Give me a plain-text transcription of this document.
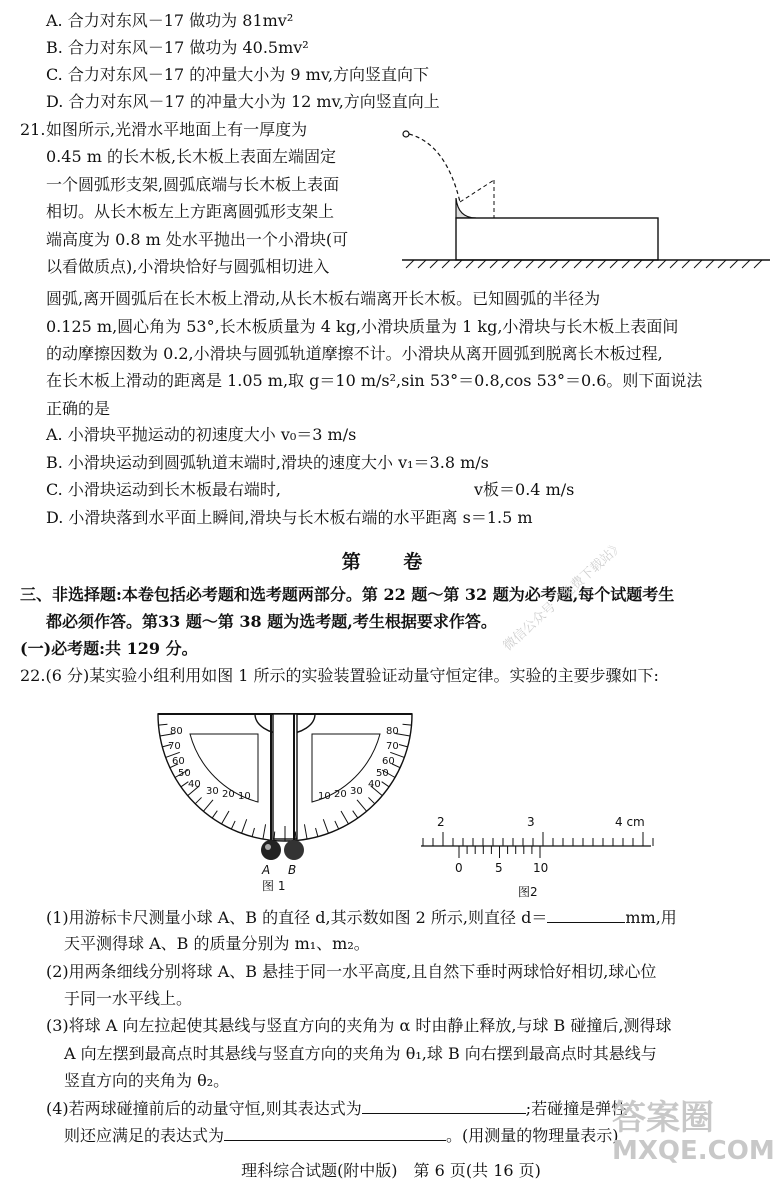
A. 合力对东风－17 做功为 81mv²
B. 合力对东风－17 做功为 40.5mv²
C. 合力对东风－17 的冲量大小为 9 mv,方向竖直向下
D. 合力对东风－17 的冲量大小为 12 mv,方向竖直向上
21. 如图所示,光滑水平地面上有一厚度为
0.45 m 的长木板,长木板上表面左端固定
一个圆弧形支架,圆弧底端与长木板上表面
相切。从长木板左上方距离圆弧形支架上
端高度为 0.8 m 处水平抛出一个小滑块(可
以看做质点),小滑块恰好与圆弧相切进入
圆弧,离开圆弧后在长木板上滑动,从长木板右端离开长木板。已知圆弧的半径为
0.125 m,圆心角为 53°,长木板质量为 4 kg,小滑块质量为 1 kg,小滑块与长木板上表面间
的动摩擦因数为 0.2,小滑块与圆弧轨道摩擦不计。小滑块从离开圆弧到脱离长木板过程,
在长木板上滑动的距离是 1.05 m,取 g＝10 m/s²,sin 53°＝0.8,cos 53°＝0.6。则下面说法
正确的是
A. 小滑块平抛运动的初速度大小 v₀＝3 m/s
B. 小滑块运动到圆弧轨道末端时,滑块的速度大小 v₁＝3.8 m/s
C. 小滑块运动到长木板最右端时,	v板＝0.4 m/s
D. 小滑块落到水平面上瞬间,滑块与长木板右端的水平距离 s＝1.5 m
第 卷
三、非选择题:本卷包括必考题和选考题两部分。第 22 题～第 32 题为必考题,每个试题考生
都必须作答。第33 题～第 38 题为选考题,考生根据要求作答。
(一)必考题:共 129 分。
22.(6 分)某实验小组利用如图 1 所示的实验装置验证动量守恒定律。实验的主要步骤如下:
80
70
60
50
40
30 20 10	10 20 30
40
50
60
70
80
A B
图 1
2	3	4 cm
0	5	10
图2
(1)用游标卡尺测量小球 A、B 的直径 d,其示数如图 2 所示,则直径 d＝	mm,用
天平测得球 A、B 的质量分别为 m₁、m₂。
(2)用两条细线分别将球 A、B 悬挂于同一水平高度,且自然下垂时两球恰好相切,球心位
于同一水平线上。
(3)将球 A 向左拉起使其悬线与竖直方向的夹角为 α 时由静止释放,与球 B 碰撞后,测得球
A 向左摆到最高点时其悬线与竖直方向的夹角为 θ₁,球 B 向右摆到最高点时其悬线与
竖直方向的夹角为 θ₂。
(4)若两球碰撞前后的动量守恒,则其表达式为	;若碰撞是弹性
则还应满足的表达式为	。(用测量的物理量表示)
理科综合试题(附中版)　第 6 页(共 16 页)
微信公众号《免费下载站》
答案圈
MXQE.COM
